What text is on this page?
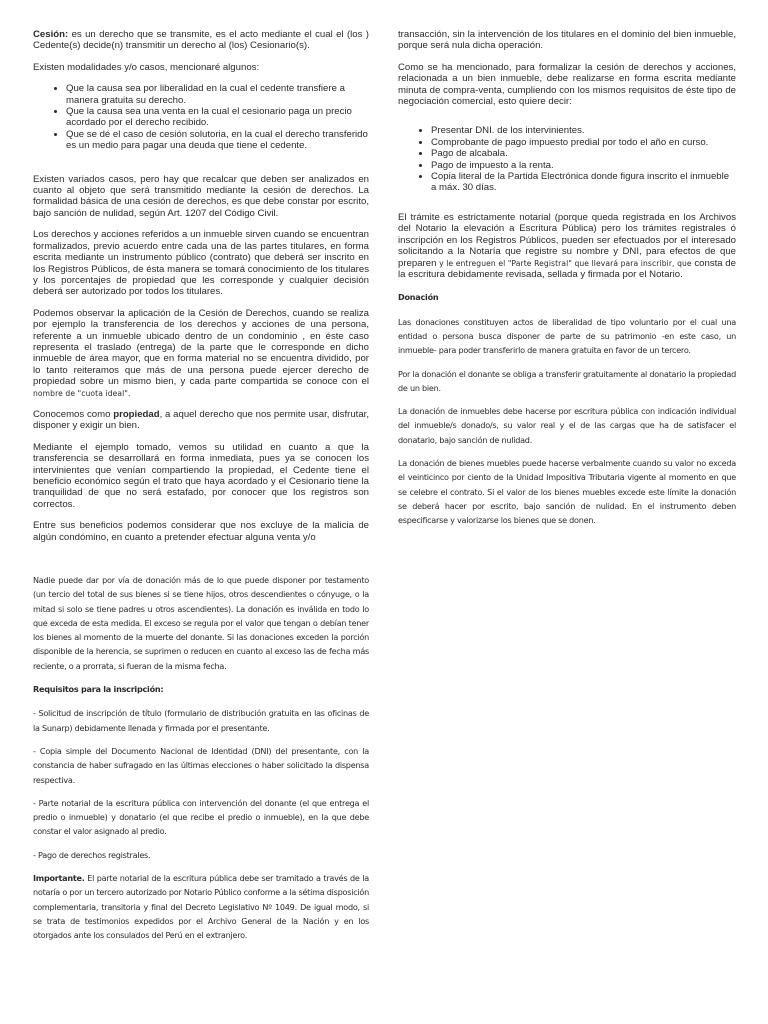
Cesión: es un derecho que se transmite, es el acto mediante el cual el (los ) Cedente(s) decide(n) transmitir un derecho al (los) Cesionario(s).

Existen modalidades y/o casos, mencionaré algunos:

• Que la causa sea por liberalidad en la cual el cedente transfiere a manera gratuita su derecho.
• Que la causa sea una venta en la cual el cesionario paga un precio acordado por el derecho recibido.
• Que se dé el caso de cesión solutoria, en la cual el derecho transferido es un medio para pagar una deuda que tiene el cedente.

Existen variados casos, pero hay que recalcar que deben ser analizados en cuanto al objeto que será transmitido mediante la cesión de derechos. La formalidad básica de una cesión de derechos, es que debe constar por escrito, bajo sanción de nulidad, según Art. 1207 del Código Civil.

Los derechos y acciones referidos a un inmueble sirven cuando se encuentran formalizados, previo acuerdo entre cada una de las partes titulares, en forma escrita mediante un instrumento público (contrato) que deberá ser inscrito en los Registros Públicos, de ésta manera se tomará conocimiento de los titulares y los porcentajes de propiedad que les corresponde y cualquier decisión deberá ser autorizado por todos los titulares.

Podemos observar la aplicación de la Cesión de Derechos, cuando se realiza por ejemplo la transferencia de los derechos y acciones de una persona, referente a un inmueble ubicado dentro de un condominio , en éste caso representa el traslado (entrega) de la parte que le corresponde en dicho inmueble de área mayor, que en forma material no se encuentra dividido, por lo tanto reiteramos que más de una persona puede ejercer derecho de propiedad sobre un mismo bien, y cada parte compartida se conoce con el nombre de "cuota ideal".

Conocemos como propiedad, a aquel derecho que nos permite usar, disfrutar, disponer y exigir un bien.

Mediante el ejemplo tomado, vemos su utilidad en cuanto a que la transferencia se desarrollará en forma inmediata, pues ya se conocen los intervinientes que venían compartiendo la propiedad, el Cedente tiene el beneficio económico según el trato que haya acordado y el Cesionario tiene la tranquilidad de que no será estafado, por conocer que los registros son correctos.

Entre sus beneficios podemos considerar que nos excluye de la malicia de algún condómino, en cuanto a pretender efectuar alguna venta y/o

transacción, sin la intervención de los titulares en el dominio del bien inmueble, porque será nula dicha operación.

Como se ha mencionado, para formalizar la cesión de derechos y acciones, relacionada a un bien inmueble, debe realizarse en forma escrita mediante minuta de compra-venta, cumpliendo con los mismos requisitos de éste tipo de negociación comercial, esto quiere decir:

• Presentar DNI. de los intervinientes.
• Comprobante de pago impuesto predial por todo el año en curso.
• Pago de alcabala.
• Pago de impuesto a la renta.
• Copia literal de la Partida Electrónica donde figura inscrito el inmueble a máx. 30 días.

El trámite es estrictamente notarial (porque queda registrada en los Archivos del Notario la elevación a Escritura Pública) pero los trámites registrales ó inscripción en los Registros Públicos, pueden ser efectuados por el interesado solicitando a la Notaría que registre su nombre y DNI, para efectos de que preparen y le entreguen el "Parte Registral" que llevará para inscribir, que consta de la escritura debidamente revisada, sellada y firmada por el Notario.

Donación

Las donaciones constituyen actos de liberalidad de tipo voluntario por el cual una entidad o persona busca disponer de parte de su patrimonio -en este caso, un inmueble- para poder transferirlo de manera gratuita en favor de un tercero.

Por la donación el donante se obliga a transferir gratuitamente al donatario la propiedad de un bien.

La donación de inmuebles debe hacerse por escritura pública con indicación individual del inmueble/s donado/s, su valor real y el de las cargas que ha de satisfacer el donatario, bajo sanción de nulidad.

La donación de bienes muebles puede hacerse verbalmente cuando su valor no exceda el veinticinco por ciento de la Unidad Impositiva Tributaria vigente al momento en que se celebre el contrato. Si el valor de los bienes muebles excede este límite la donación se deberá hacer por escrito, bajo sanción de nulidad. En el instrumento deben especificarse y valorizarse los bienes que se donen.

Nadie puede dar por vía de donación más de lo que puede disponer por testamento (un tercio del total de sus bienes si se tiene hijos, otros descendientes o cónyuge, o la mitad si solo se tiene padres u otros ascendientes). La donación es inválida en todo lo que exceda de esta medida. El exceso se regula por el valor que tengan o debían tener los bienes al momento de la muerte del donante. Si las donaciones exceden la porción disponible de la herencia, se suprimen o reducen en cuanto al exceso las de fecha más reciente, o a prorrata, si fueran de la misma fecha.

Requisitos para la inscripción:

- Solicitud de inscripción de título (formulario de distribución gratuita en las oficinas de la Sunarp) debidamente llenada y firmada por el presentante.

- Copia simple del Documento Nacional de Identidad (DNI) del presentante, con la constancia de haber sufragado en las últimas elecciones o haber solicitado la dispensa respectiva.

- Parte notarial de la escritura pública con intervención del donante (el que entrega el predio o inmueble) y donatario (el que recibe el predio o inmueble), en la que debe constar el valor asignado al predio.

- Pago de derechos registrales.

Importante. El parte notarial de la escritura pública debe ser tramitado a través de la notaría o por un tercero autorizado por Notario Público conforme a la sétima disposición complementaria, transitoria y final del Decreto Legislativo Nº 1049. De igual modo, si se trata de testimonios expedidos por el Archivo General de la Nación y en los otorgados ante los consulados del Perú en el extranjero.
